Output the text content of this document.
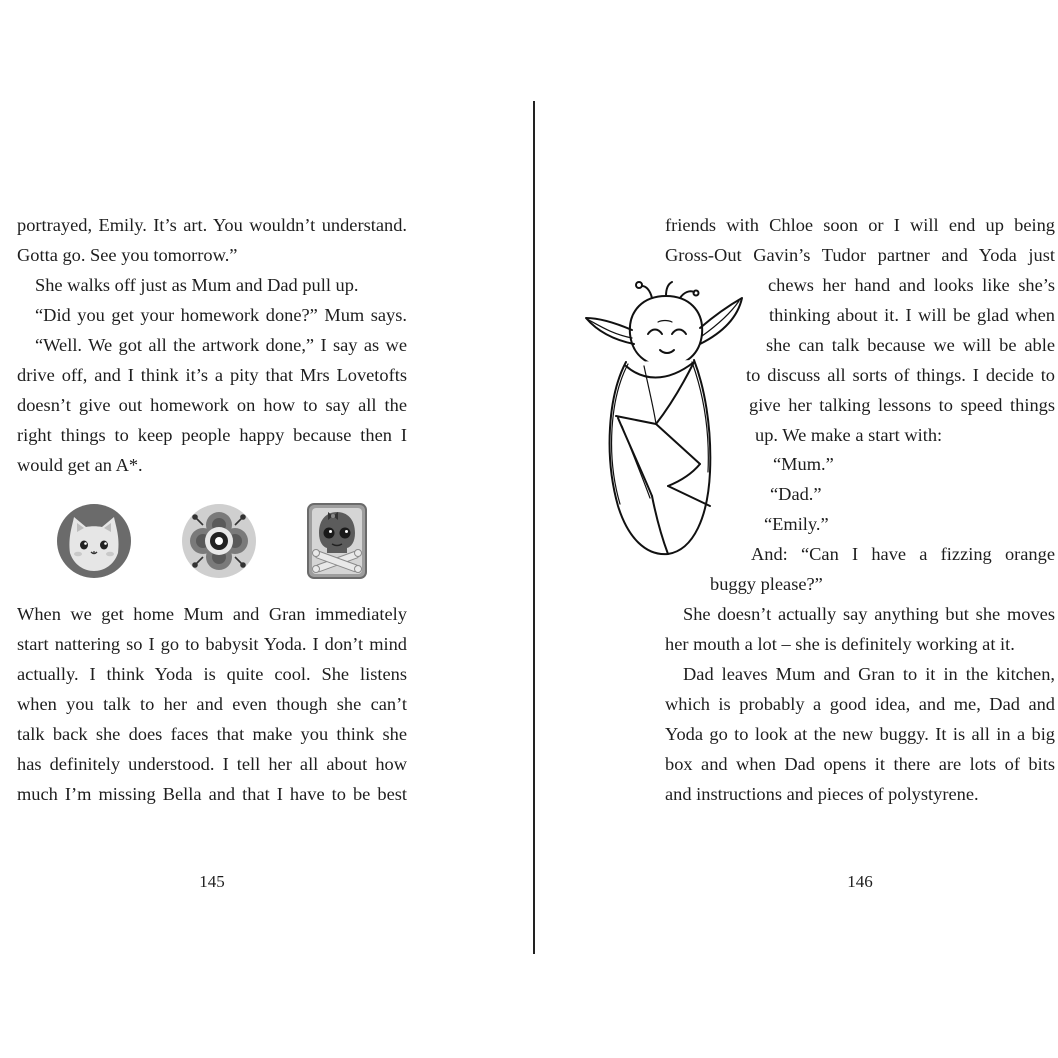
portrayed, Emily. It’s art. You wouldn’t understand.

Gotta go. See you tomorrow.”

She walks off just as Mum and Dad pull up.

“Did you get your homework done?” Mum says.

“Well. We got all the artwork done,” I say as we

drive off, and I think it’s a pity that Mrs Lovetofts

doesn’t give out homework on how to say all the

right things to keep people happy because then I

would get an A*.

When we get home Mum and Gran immediately

start nattering so I go to babysit Yoda. I don’t mind

actually. I think Yoda is quite cool. She listens

when you talk to her and even though she can’t

talk back she does faces that make you think she

has definitely understood. I tell her all about how

much I’m missing Bella and that I have to be best

145

friends with Chloe soon or I will end up being

Gross-Out Gavin’s Tudor partner and Yoda just

chews her hand and looks like she’s

thinking about it. I will be glad when

she can talk because we will be able

to discuss all sorts of things. I decide to

give her talking lessons to speed things

up. We make a start with:

“Mum.”

“Dad.”

“Emily.”

And: “Can I have a fizzing orange

buggy please?”

She doesn’t actually say anything but she moves

her mouth a lot – she is definitely working at it.

Dad leaves Mum and Gran to it in the kitchen,

which is probably a good idea, and me, Dad and

Yoda go to look at the new buggy. It is all in a big

box and when Dad opens it there are lots of bits

and instructions and pieces of polystyrene.

146
